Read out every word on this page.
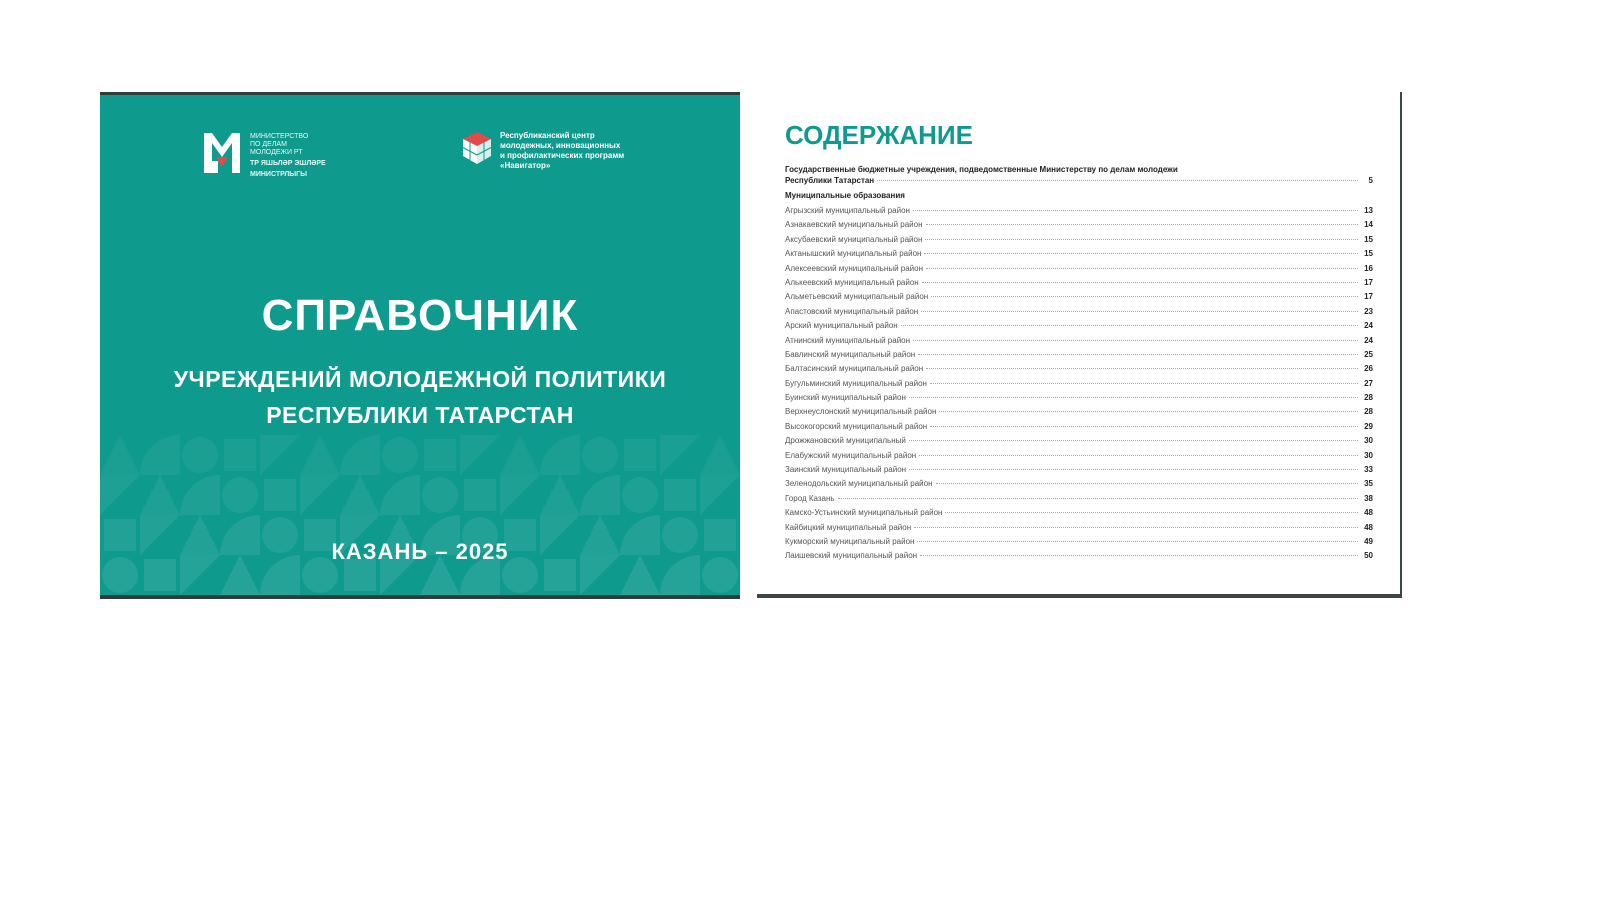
МИНИСТЕРСТВО
ПО ДЕЛАМ
МОЛОДЕЖИ РТ
ТР ЯШЬЛӘР ЭШЛӘРЕ
МИНИСТРЛЫГЫ
Республиканский центр
молодежных, инновационных
и профилактических программ
«Навигатор»
СПРАВОЧНИК
УЧРЕЖДЕНИЙ МОЛОДЕЖНОЙ ПОЛИТИКИ
РЕСПУБЛИКИ ТАТАРСТАН
КАЗАНЬ – 2025
СОДЕРЖАНИЕ
Государственные бюджетные учреждения, подведомственные Министерству по делам молодежи
Республики Татарстан	5
Муниципальные образования
Агрызский муниципальный район	13
Азнакаевский муниципальный район	14
Аксубаевский муниципальный район	15
Актанышский муниципальный район	15
Алексеевский муниципальный район	16
Алькеевский муниципальный район	17
Альметьевский муниципальный район	17
Апастовский муниципальный район	23
Арский муниципальный район	24
Атнинский муниципальный район	24
Бавлинский муниципальный район	25
Балтасинский муниципальный район	26
Бугульминский муниципальный район	27
Буинский муниципальный район	28
Верхнеуслонский муниципальный район	28
Высокогорский муниципальный район	29
Дрожжановский муниципальный	30
Елабужский муниципальный район	30
Заинский муниципальный район	33
Зеленодольский муниципальный район	35
Город Казань	38
Камско-Устьинский муниципальный район	48
Кайбицкий муниципальный район	48
Кукморский муниципальный район	49
Лаишевский муниципальный район	50
